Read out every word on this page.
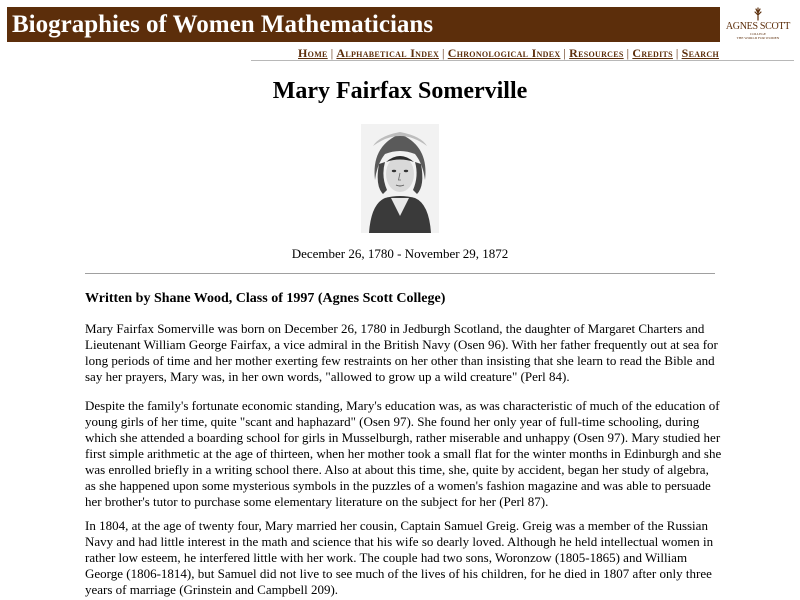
Biographies of Women Mathematicians	AGNES SCOTT
COLLEGE
THE WORLD FOR WOMEN
Home | Alphabetical Index | Chronological Index | Resources | Credits | Search
Mary Fairfax Somerville
December 26, 1780 - November 29, 1872
Written by Shane Wood, Class of 1997 (Agnes Scott College)

Mary Fairfax Somerville was born on December 26, 1780 in Jedburgh Scotland, the daughter of Margaret Charters and Lieutenant William George Fairfax, a vice admiral in the British Navy (Osen 96). With her father frequently out at sea for long periods of time and her mother exerting few restraints on her other than insisting that she learn to read the Bible and say her prayers, Mary was, in her own words, "allowed to grow up a wild creature" (Perl 84).

Despite the family's fortunate economic standing, Mary's education was, as was characteristic of much of the education of young girls of her time, quite "scant and haphazard" (Osen 97). She found her only year of full-time schooling, during which she attended a boarding school for girls in Musselburgh, rather miserable and unhappy (Osen 97). Mary studied her first simple arithmetic at the age of thirteen, when her mother took a small flat for the winter months in Edinburgh and she was enrolled briefly in a writing school there. Also at about this time, she, quite by accident, began her study of algebra, as she happened upon some mysterious symbols in the puzzles of a women's fashion magazine and was able to persuade her brother's tutor to purchase some elementary literature on the subject for her (Perl 87).

In 1804, at the age of twenty four, Mary married her cousin, Captain Samuel Greig. Greig was a member of the Russian Navy and had little interest in the math and science that his wife so dearly loved. Although he held intellectual women in rather low esteem, he interfered little with her work. The couple had two sons, Woronzow (1805-1865) and William George (1806-1814), but Samuel did not live to see much of the lives of his children, for he died in 1807 after only three years of marriage (Grinstein and Campbell 209).
